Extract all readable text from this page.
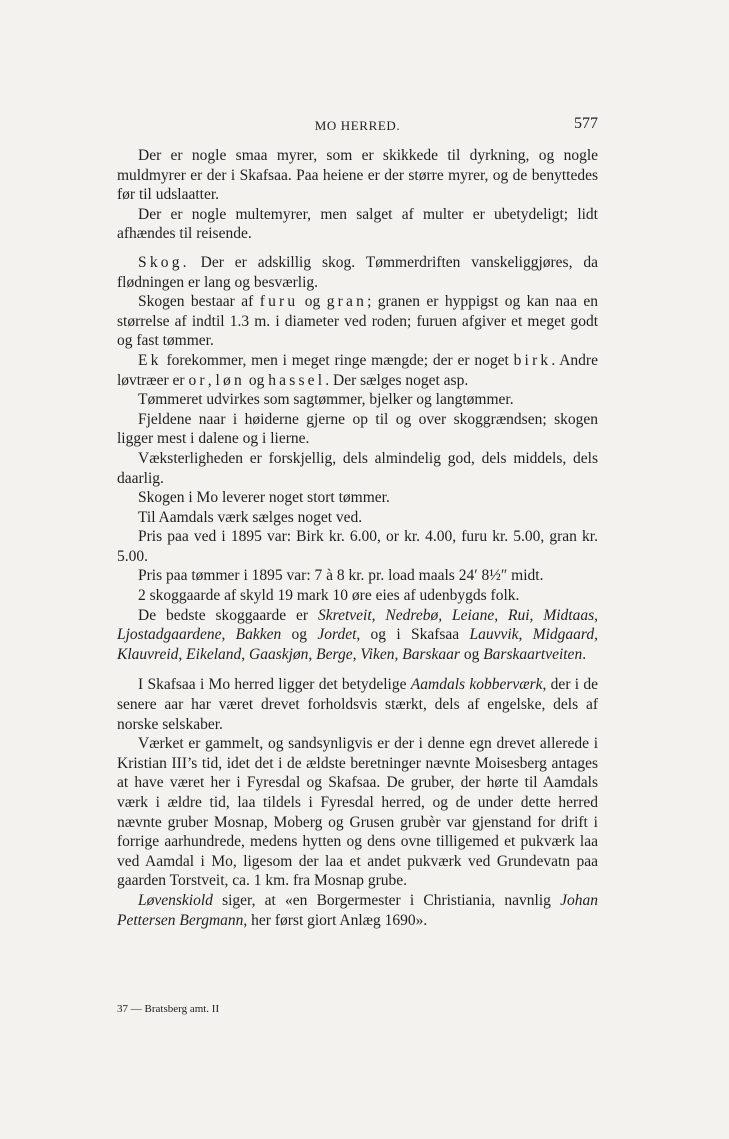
MO HERRED.	577

Der er nogle smaa myrer, som er skikkede til dyrkning, og nogle muldmyrer er der i Skafsaa. Paa heiene er der større myrer, og de benyttedes før til udslaatter.

Der er nogle multemyrer, men salget af multer er ubetydeligt; lidt afhændes til reisende.

Skog. Der er adskillig skog. Tømmerdriften vanskeliggjøres, da flødningen er lang og besværlig.

Skogen bestaar af furu og gran; granen er hyppigst og kan naa en størrelse af indtil 1.3 m. i diameter ved roden; furuen afgiver et meget godt og fast tømmer.

Ek forekommer, men i meget ringe mængde; der er noget birk. Andre løvtræer er or, løn og hassel. Der sælges noget asp.

Tømmeret udvirkes som sagtømmer, bjelker og langtømmer.

Fjeldene naar i høiderne gjerne op til og over skoggrændsen; skogen ligger mest i dalene og i lierne.

Væksterligheden er forskjellig, dels almindelig god, dels middels, dels daarlig.

Skogen i Mo leverer noget stort tømmer.

Til Aamdals værk sælges noget ved.

Pris paa ved i 1895 var: Birk kr. 6.00, or kr. 4.00, furu kr. 5.00, gran kr. 5.00.

Pris paa tømmer i 1895 var: 7 à 8 kr. pr. load maals 24′ 8½″ midt.

2 skoggaarde af skyld 19 mark 10 øre eies af udenbygds folk.

De bedste skoggaarde er Skretveit, Nedrebø, Leiane, Rui, Midtaas, Ljostadgaardene, Bakken og Jordet, og i Skafsaa Lauvvik, Midgaard, Klauvreid, Eikeland, Gaaskjøn, Berge, Viken, Barskaar og Barskaartveiten.

I Skafsaa i Mo herred ligger det betydelige Aamdals kobberværk, der i de senere aar har været drevet forholdsvis stærkt, dels af engelske, dels af norske selskaber.

Værket er gammelt, og sandsynligvis er der i denne egn drevet allerede i Kristian III’s tid, idet det i de ældste beretninger nævnte Moisesberg antages at have været her i Fyresdal og Skafsaa. De gruber, der hørte til Aamdals værk i ældre tid, laa tildels i Fyresdal herred, og de under dette herred nævnte gruber Mosnap, Moberg og Grusen grubèr var gjenstand for drift i forrige aarhundrede, medens hytten og dens ovne tilligemed et pukværk laa ved Aamdal i Mo, ligesom der laa et andet pukværk ved Grundevatn paa gaarden Torstveit, ca. 1 km. fra Mosnap grube.

Løvenskiold siger, at «en Borgermester i Christiania, navnlig Johan Pettersen Bergmann, her først giort Anlæg 1690».

37 — Bratsberg amt. II
